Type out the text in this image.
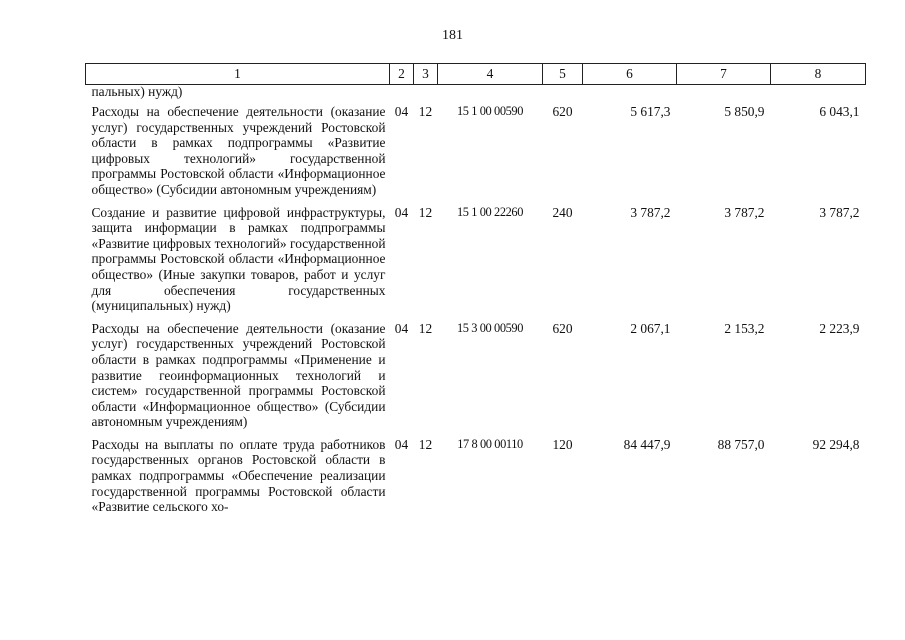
181
1	2	3	4	5	6	7	8
пальных) нужд)							
Расходы на обеспечение деятельности (оказание услуг) государственных учреждений Ростовской области в рамках подпрограммы «Развитие цифровых технологий» государственной программы Ростовской области «Информационное общество» (Субсидии автономным учреждениям)	04	12	15 1 00 00590	620	5 617,3	5 850,9	6 043,1
Создание и развитие цифровой инфраструктуры, защита информации в рамках подпрограммы «Развитие цифровых технологий» государственной программы Ростовской области «Информационное общество» (Иные закупки товаров, работ и услуг для обеспечения государственных (муниципальных) нужд)	04	12	15 1 00 22260	240	3 787,2	3 787,2	3 787,2
Расходы на обеспечение деятельности (оказание услуг) государственных учреждений Ростовской области в рамках подпрограммы «Применение и развитие геоинформационных технологий и систем» государственной программы Ростовской области «Информационное общество» (Субсидии автономным учреждениям)	04	12	15 3 00 00590	620	2 067,1	2 153,2	2 223,9
Расходы на выплаты по оплате труда работников государственных органов Ростовской области в рамках подпрограммы «Обеспечение реализации государственной программы Ростовской области «Развитие сельского хо-	04	12	17 8 00 00110	120	84 447,9	88 757,0	92 294,8
